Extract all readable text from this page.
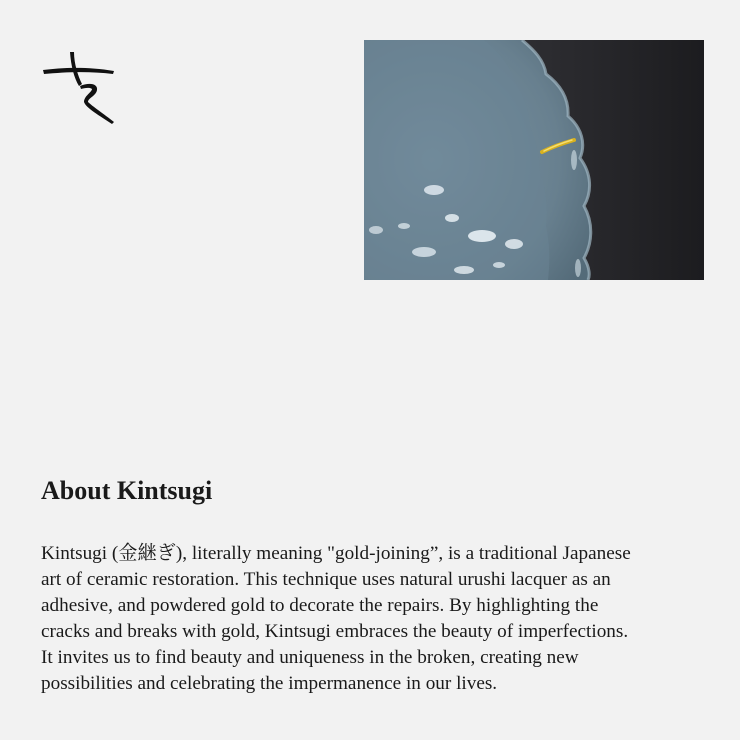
About Kintsugi
Kintsugi (金継ぎ), literally meaning "gold-joining”, is a traditional Japanese
art of ceramic restoration. This technique uses natural urushi lacquer as an
adhesive, and powdered gold to decorate the repairs. By highlighting the
cracks and breaks with gold, Kintsugi embraces the beauty of imperfections.
It invites us to find beauty and uniqueness in the broken, creating new
possibilities and celebrating the impermanence in our lives.
